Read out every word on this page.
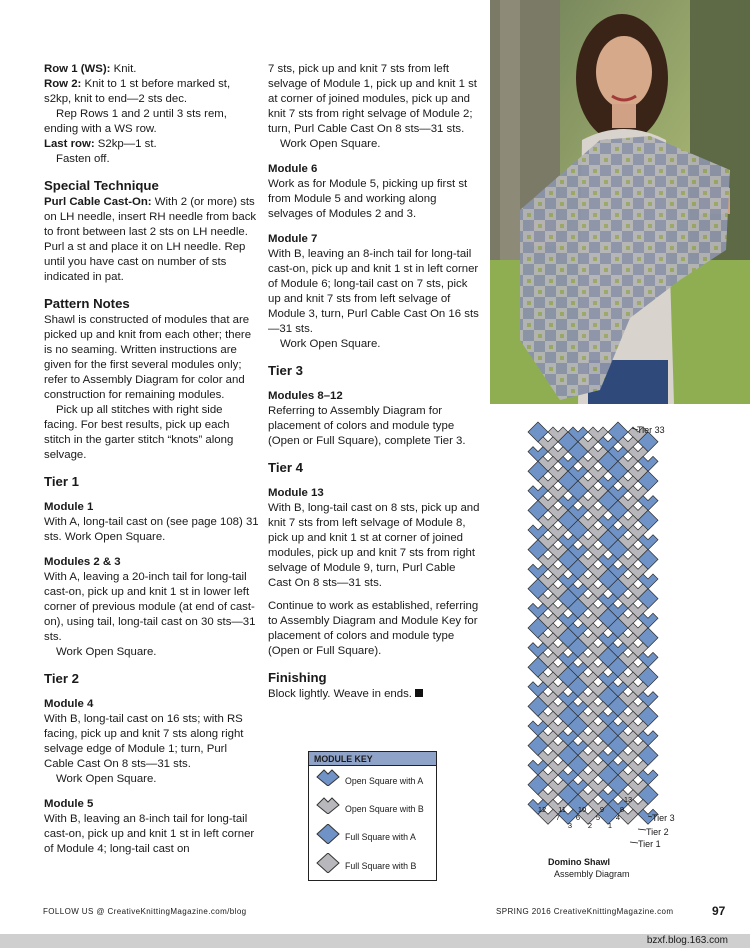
Row 1 (WS): Knit.

Row 2: Knit to 1 st before marked st, s2kp, knit to end—2 sts dec.

Rep Rows 1 and 2 until 3 sts rem, ending with a WS row.

Last row: S2kp—1 st.

Fasten off.

Special Technique

Purl Cable Cast-On: With 2 (or more) sts on LH needle, insert RH needle from back to front between last 2 sts on LH needle. Purl a st and place it on LH needle. Rep until you have cast on number of sts indicated in pat.

Pattern Notes

Shawl is constructed of modules that are picked up and knit from each other; there is no seaming. Written instructions are given for the first several modules only; refer to Assembly Diagram for color and construction for remaining modules.

Pick up all stitches with right side facing. For best results, pick up each stitch in the garter stitch “knots” along selvage.

Tier 1
Module 1

With A, long-tail cast on (see page 108) 31 sts. Work Open Square.

Modules 2 & 3

With A, leaving a 20-inch tail for long-tail cast-on, pick up and knit 1 st in lower left corner of previous module (at end of cast-on), using tail, long-tail cast on 30 sts—31 sts.

Work Open Square.

Tier 2
Module 4

With B, long-tail cast on 16 sts; with RS facing, pick up and knit 7 sts along right selvage edge of Module 1; turn, Purl Cable Cast On 8 sts—31 sts.

Work Open Square.

Module 5

With B, leaving an 8-inch tail for long-tail cast-on, pick up and knit 1 st in left corner of Module 4; long-tail cast on

7 sts, pick up and knit 7 sts from left selvage of Module 1, pick up and knit 1 st at corner of joined modules, pick up and knit 7 sts from right selvage of Module 2; turn, Purl Cable Cast On 8 sts—31 sts.

Work Open Square.

Module 6

Work as for Module 5, picking up first st from Module 5 and working along selvages of Modules 2 and 3.

Module 7

With B, leaving an 8-inch tail for long-tail cast-on, pick up and knit 1 st in left corner of Module 6; long-tail cast on 7 sts, pick up and knit 7 sts from left selvage of Module 3, turn, Purl Cable Cast On 16 sts—31 sts.

Work Open Square.

Tier 3
Modules 8–12

Referring to Assembly Diagram for placement of colors and module type (Open or Full Square), complete Tier 3.

Tier 4
Module 13

With B, long-tail cast on 8 sts, pick up and knit 7 sts from left selvage of Module 8, pick up and knit 1 st at corner of joined modules, pick up and knit 7 sts from right selvage of Module 9, turn, Purl Cable Cast On 8 sts—31 sts.

Continue to work as established, referring to Assembly Diagram and Module Key for placement of colors and module type (Open or Full Square).

Finishing

Block lightly. Weave in ends.

MODULE KEY
Open Square with A
Open Square with B
Full Square with A
Full Square with B
3 2 1
7 6 5 4
12 11 10 9 8
13
Tier 33
Tier 3
Tier 2
Tier 1
Domino Shawl
Assembly Diagram
FOLLOW US @ CreativeKnittingMagazine.com/blog	SPRING 2016 CreativeKnittingMagazine.com	97
bzxf.blog.163.com
